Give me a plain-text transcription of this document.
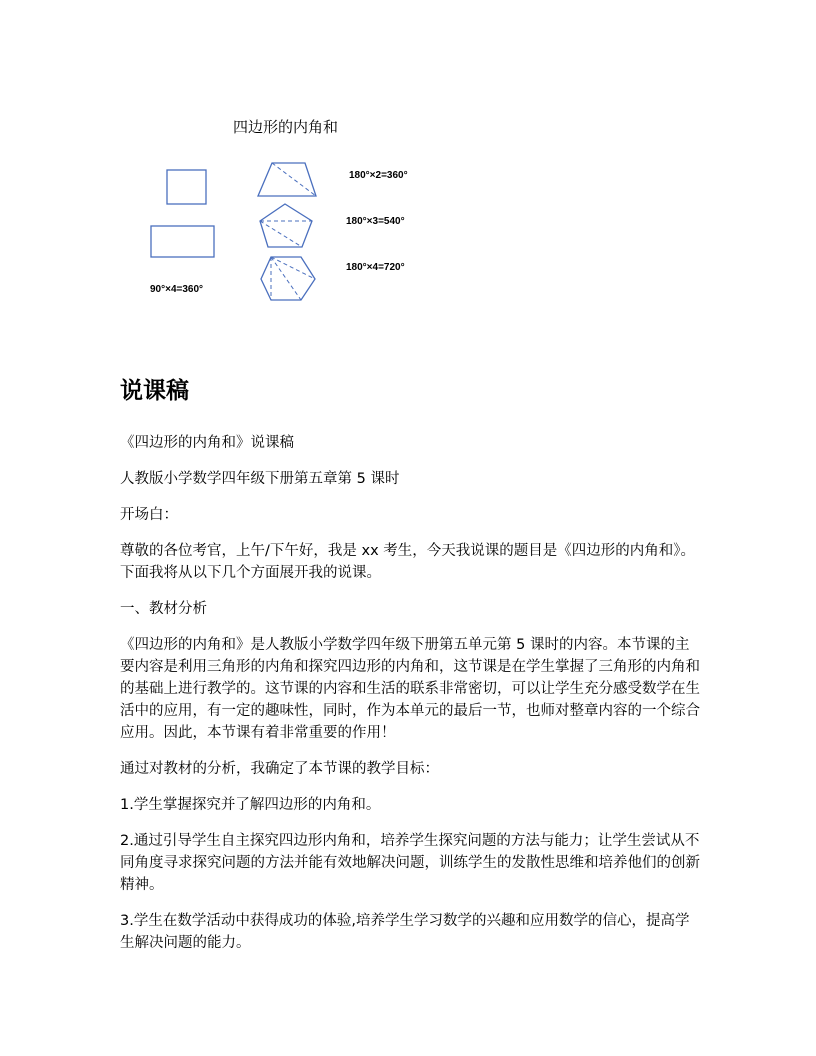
四边形的内角和
180°×2=360°
180°×3=540°
180°×4=720°
90°×4=360°
说课稿

《四边形的内角和》说课稿

人教版小学数学四年级下册第五章第 5 课时

开场白：

尊敬的各位考官，上午/下午好，我是 xx 考生，今天我说课的题目是《四边形的内角和》。下面我将从以下几个方面展开我的说课。

一、教材分析

《四边形的内角和》是人教版小学数学四年级下册第五单元第 5 课时的内容。本节课的主要内容是利用三角形的内角和探究四边形的内角和，这节课是在学生掌握了三角形的内角和的基础上进行教学的。这节课的内容和生活的联系非常密切，可以让学生充分感受数学在生活中的应用，有一定的趣味性，同时，作为本单元的最后一节，也师对整章内容的一个综合应用。因此，本节课有着非常重要的作用！

通过对教材的分析，我确定了本节课的教学目标：

1.学生掌握探究并了解四边形的内角和。

2.通过引导学生自主探究四边形内角和，培养学生探究问题的方法与能力；让学生尝试从不同角度寻求探究问题的方法并能有效地解决问题，训练学生的发散性思维和培养他们的创新精神。

3.学生在数学活动中获得成功的体验,培养学生学习数学的兴趣和应用数学的信心，提高学生解决问题的能力。
